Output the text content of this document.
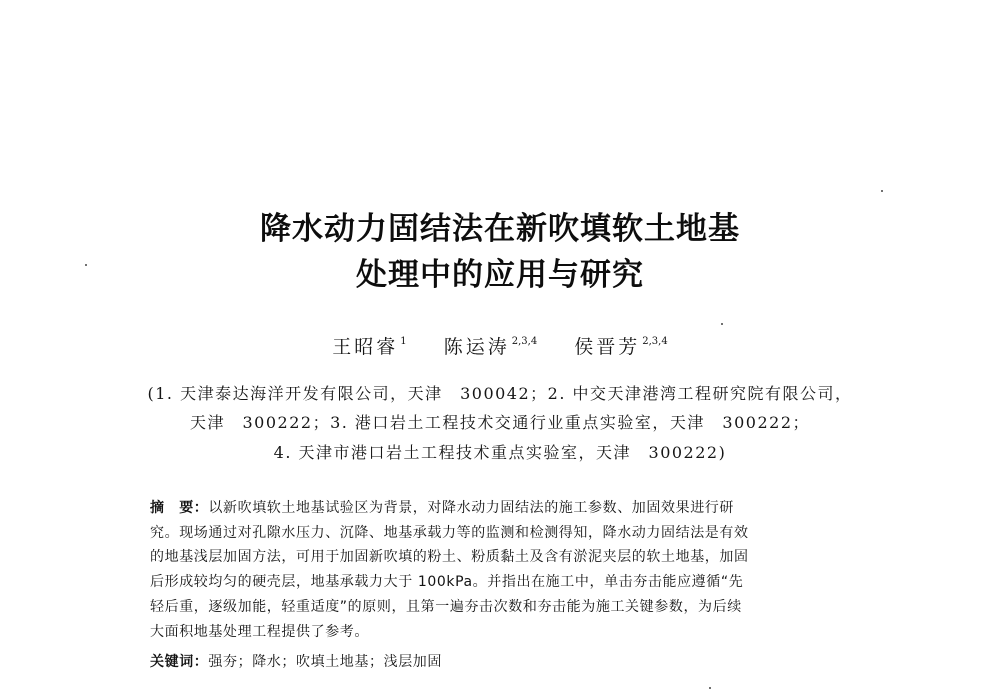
降水动力固结法在新吹填软土地基
处理中的应用与研究
王昭睿 $^1$ 陈运涛 $^{2,3,4}$ 侯晋芳 $^{2,3,4}$
(1. 天津泰达海洋开发有限公司，天津　300042；2. 中交天津港湾工程研究院有限公司，
天津　300222；3. 港口岩土工程技术交通行业重点实验室，天津　300222；
4. 天津市港口岩土工程技术重点实验室，天津　300222)
摘　要：以新吹填软土地基试验区为背景，对降水动力固结法的施工参数、加固效果进行研
究。现场通过对孔隙水压力、沉降、地基承载力等的监测和检测得知，降水动力固结法是有效
的地基浅层加固方法，可用于加固新吹填的粉土、粉质黏土及含有淤泥夹层的软土地基，加固
后形成较均匀的硬壳层，地基承载力大于 100kPa。并指出在施工中，单击夯击能应遵循“先
轻后重，逐级加能，轻重适度”的原则，且第一遍夯击次数和夯击能为施工关键参数，为后续
大面积地基处理工程提供了参考。
关键词：强夯；降水；吹填土地基；浅层加固
